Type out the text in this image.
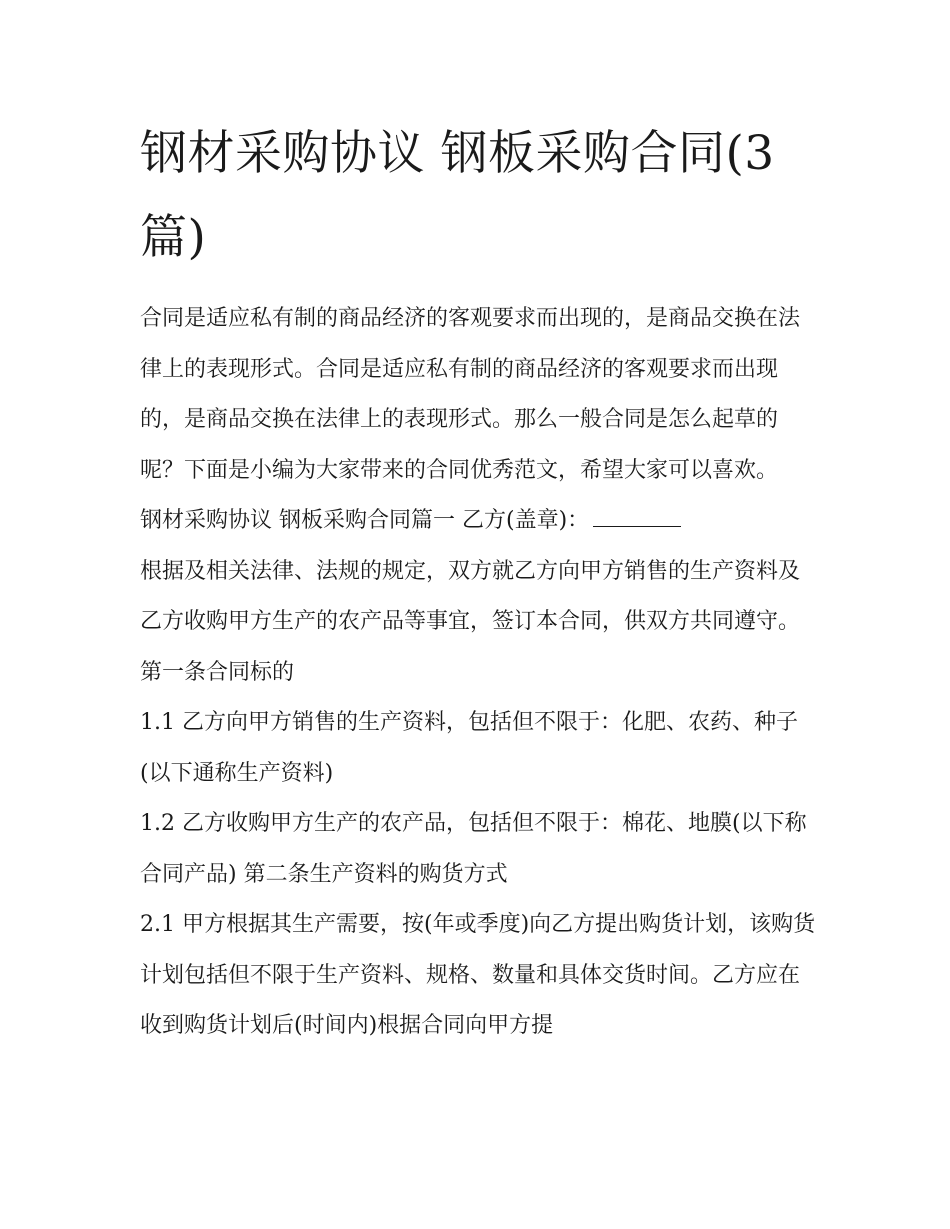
钢材采购协议 钢板采购合同(3
篇)

合同是适应私有制的商品经济的客观要求而出现的，是商品交换在法律上的表现形式。合同是适应私有制的商品经济的客观要求而出现的，是商品交换在法律上的表现形式。那么一般合同是怎么起草的呢？下面是小编为大家带来的合同优秀范文，希望大家可以喜欢。

钢材采购协议 钢板采购合同篇一 乙方(盖章)：

根据及相关法律、法规的规定，双方就乙方向甲方销售的生产资料及乙方收购甲方生产的农产品等事宜，签订本合同，供双方共同遵守。 第一条合同标的

1.1 乙方向甲方销售的生产资料，包括但不限于：化肥、农药、种子(以下通称生产资料)

1.2 乙方收购甲方生产的农产品，包括但不限于：棉花、地膜(以下称合同产品) 第二条生产资料的购货方式

2.1 甲方根据其生产需要，按(年或季度)向乙方提出购货计划，该购货计划包括但不限于生产资料、规格、数量和具体交货时间。乙方应在收到购货计划后(时间内)根据合同向甲方提
